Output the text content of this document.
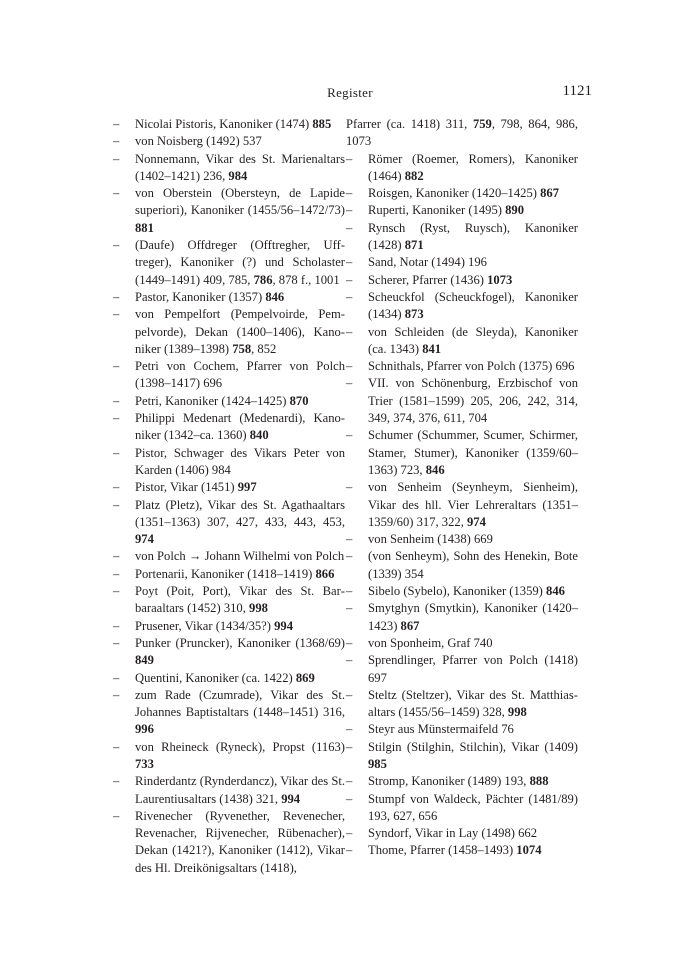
Register	1121
– Nicolai Pistoris, Kanoniker (1474) 885
– von Noisberg (1492) 537
– Nonnemann, Vikar des St. Marienaltars (1402–1421) 236, 984
– von Oberstein (Obersteyn, de Lapide superiori), Kanoniker (1455/56–1472/73) 881
– (Daufe) Offdreger (Offtregher, Ufftreger), Kanoniker (?) und Scholaster (1449–1491) 409, 785, 786, 878 f., 1001
– Pastor, Kanoniker (1357) 846
– von Pempelfort (Pempelvoirde, Pempelvorde), Dekan (1400–1406), Kanoniker (1389–1398) 758, 852
– Petri von Cochem, Pfarrer von Polch (1398–1417) 696
– Petri, Kanoniker (1424–1425) 870
– Philippi Medenart (Medenardi), Kanoniker (1342–ca. 1360) 840
– Pistor, Schwager des Vikars Peter von Karden (1406) 984
– Pistor, Vikar (1451) 997
– Platz (Pletz), Vikar des St. Agathaaltars (1351–1363) 307, 427, 433, 443, 453, 974
– von Polch → Johann Wilhelmi von Polch
– Portenarii, Kanoniker (1418–1419) 866
– Poyt (Poit, Port), Vikar des St. Barbaraaltars (1452) 310, 998
– Prusener, Vikar (1434/35?) 994
– Punker (Pruncker), Kanoniker (1368/69) 849
– Quentini, Kanoniker (ca. 1422) 869
– zum Rade (Czumrade), Vikar des St. Johannes Baptistaltars (1448–1451) 316, 996
– von Rheineck (Ryneck), Propst (1163) 733
– Rinderdantz (Rynderdancz), Vikar des St. Laurentiusaltars (1438) 321, 994
– Rivenecher (Ryvenether, Revenecher, Revenacher, Rijvenecher, Rübenacher), Dekan (1421?), Kanoniker (1412), Vikar des Hl. Dreikönigsaltars (1418),
Pfarrer (ca. 1418) 311, 759, 798, 864, 986, 1073
– Römer (Roemer, Romers), Kanoniker (1464) 882
– Roisgen, Kanoniker (1420–1425) 867
– Ruperti, Kanoniker (1495) 890
– Rynsch (Ryst, Ruysch), Kanoniker (1428) 871
– Sand, Notar (1494) 196
– Scherer, Pfarrer (1436) 1073
– Scheuckfol (Scheuckfogel), Kanoniker (1434) 873
– von Schleiden (de Sleyda), Kanoniker (ca. 1343) 841
– Schnithals, Pfarrer von Polch (1375) 696
– VII. von Schönenburg, Erzbischof von Trier (1581–1599) 205, 206, 242, 314, 349, 374, 376, 611, 704
– Schumer (Schummer, Scumer, Schirmer, Stamer, Stumer), Kanoniker (1359/60–1363) 723, 846
– von Senheim (Seynheym, Sienheim), Vikar des hll. Vier Lehreraltars (1351–1359/60) 317, 322, 974
– von Senheim (1438) 669
– (von Senheym), Sohn des Henekin, Bote (1339) 354
– Sibelo (Sybelo), Kanoniker (1359) 846
– Smytghyn (Smytkin), Kanoniker (1420–1423) 867
– von Sponheim, Graf 740
– Sprendlinger, Pfarrer von Polch (1418) 697
– Steltz (Steltzer), Vikar des St. Matthiasaltars (1455/56–1459) 328, 998
– Steyr aus Münstermaifeld 76
– Stilgin (Stilghin, Stilchin), Vikar (1409) 985
– Stromp, Kanoniker (1489) 193, 888
– Stumpf von Waldeck, Pächter (1481/89) 193, 627, 656
– Syndorf, Vikar in Lay (1498) 662
– Thome, Pfarrer (1458–1493) 1074
